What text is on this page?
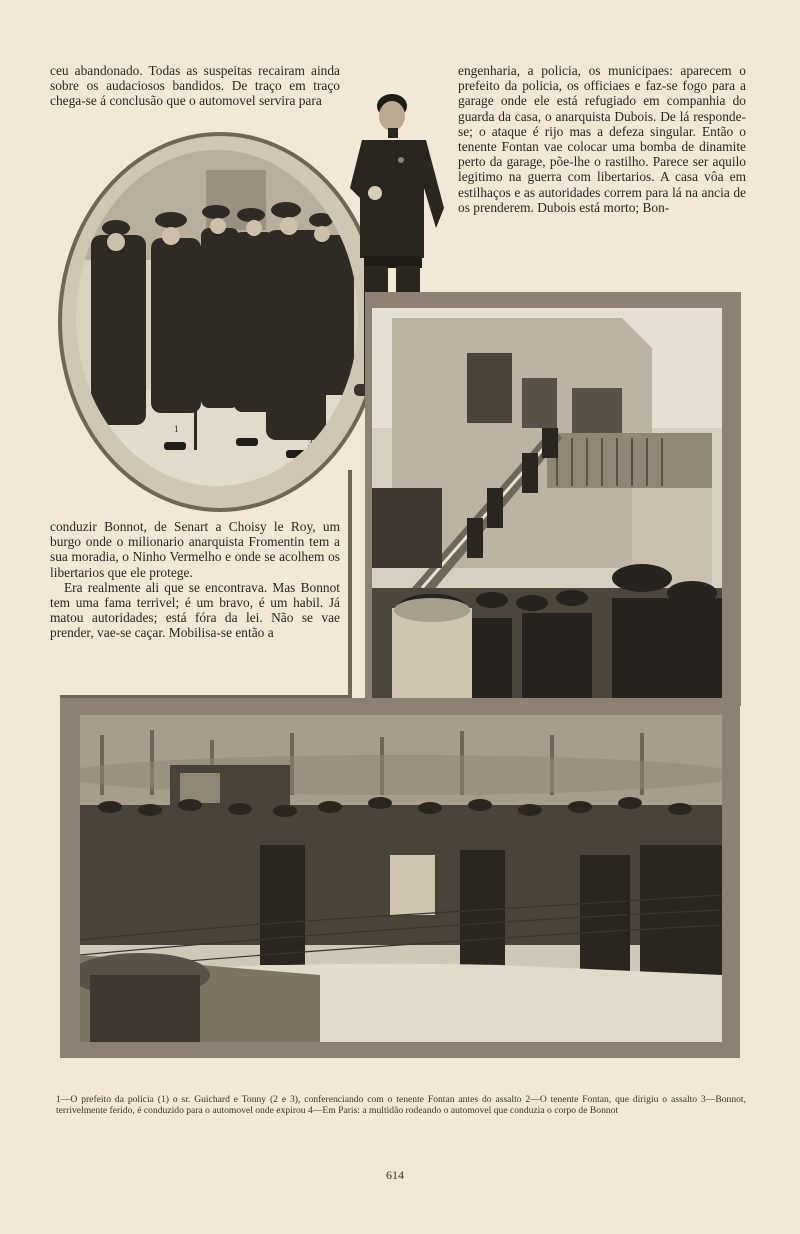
ceu abandonado. Todas as suspeitas recairam ainda sobre os audaciosos bandidos. De traço em traço chega-se á conclusão que o automovel servira para

engenharia, a policia, os municipaes: aparecem o prefeito da policia, os officiaes e faz-se fogo para a garage onde ele está refugiado em companhia do guarda da casa, o anarquista Dubois. De lá responde-se; o ataque é rijo mas a defeza singular. Então o tenente Fontan vae colocar uma bomba de dinamite perto da garage, põe-lhe o rastilho. Parece ser aquilo legitimo na guerra com libertarios. A casa vôa em estilhaços e as autoridades correm para lá na ancia de os prenderem. Dubois está morto; Bon-

1
2
3

conduzir Bonnot, de Senart a Choisy le Roy, um burgo onde o milionario anarquista Fromentin tem a sua moradia, o Ninho Vermelho e onde se acolhem os libertarios que ele protege.

Era realmente ali que se encontrava. Mas Bonnot tem uma fama terrivel; é um bravo, é um habil. Já matou autoridades; está fóra da lei. Não se vae prender, vae-se caçar. Mobilisa-se então a

1—O prefeito da policia (1) o sr. Guichard e Tonny (2 e 3), conferenciando com o tenente Fontan antes do assalto 2—O tenente Fontan, que dirigiu o assalto 3—Bonnot, terrivelmente ferido, é conduzido para o automovel onde expirou 4—Em Paris: a multidão rodeando o automovel que conduzia o corpo de Bonnot
614
